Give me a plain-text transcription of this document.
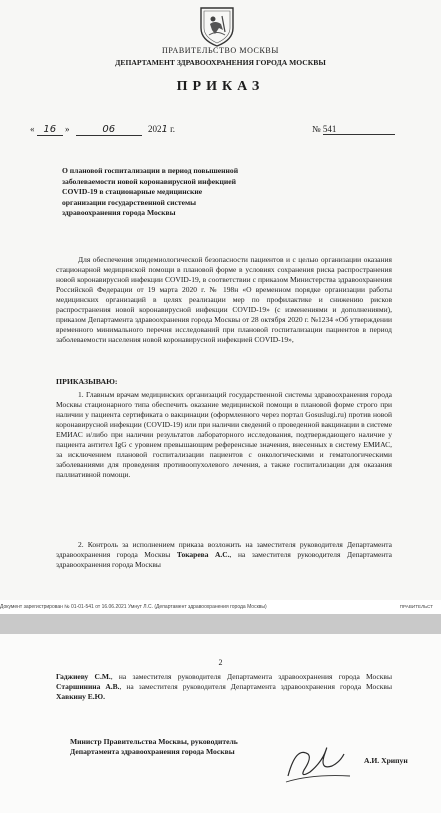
ПРАВИТЕЛЬСТВО МОСКВЫ
ДЕПАРТАМЕНТ ЗДРАВООХРАНЕНИЯ ГОРОДА МОСКВЫ
ПРИКАЗ
« 16 »	06	2021 г.	№ 541
О плановой госпитализации в период повышенной заболеваемости новой коронавирусной инфекцией COVID-19 в стационарные медицинские организации государственной системы здравоохранения города Москвы
Для обеспечения эпидемиологической безопасности пациентов и с целью организации оказания стационарной медицинской помощи в плановой форме в условиях сохранения риска распространения новой коронавирусной инфекции COVID-19, в соответствии с приказом Министерства здравоохранения Российской Федерации от 19 марта 2020 г. № 198н «О временном порядке организации работы медицинских организаций в целях реализации мер по профилактике и снижению рисков распространения новой коронавирусной инфекции COVID-19» (с изменениями и дополнениями), приказом Департамента здравоохранения города Москвы от 28 октября 2020 г. №1234 «Об утверждении временного минимального перечня исследований при плановой госпитализации пациентов в период заболеваемости населения новой коронавирусной инфекцией COVID-19»,
ПРИКАЗЫВАЮ:
1. Главным врачам медицинских организаций государственной системы здравоохранения города Москвы стационарного типа обеспечить оказание медицинской помощи в плановой форме строго при наличии у пациента сертификата о вакцинации (оформленного через портал Gosuslugi.ru) против новой коронавирусной инфекции (COVID-19) или при наличии сведений о проведенной вакцинации в системе ЕМИАС и/либо при наличии результатов лабораторного исследования, подтверждающего наличие у пациента антител IgG с уровнем превышающим референсные значения, внесенных в систему ЕМИАС, за исключением плановой госпитализации пациентов с онкологическими и гематологическими заболеваниями для проведения противоопухолевого лечения, а также госпитализации для оказания паллиативной помощи.
2. Контроль за исполнением приказа возложить на заместителя руководителя Департамента здравоохранения города Москвы Токарева А.С., на заместителя руководителя Департамента здравоохранения города Москвы
Документ зарегистрирован № 01-01-541 от 16.06.2021 Умнут Л.С. (Департамент здравоохранения города Москвы)	ПРАВИТЕЛЬСТ
2
Гаджиеву С.М., на заместителя руководителя Департамента здравоохранения города Москвы Старшинина А.В., на заместителя руководителя Департамента здравоохранения города Москвы Хавкину Е.Ю.
Министр Правительства Москвы, руководитель Департамента здравоохранения города Москвы
А.И. Хрипун
